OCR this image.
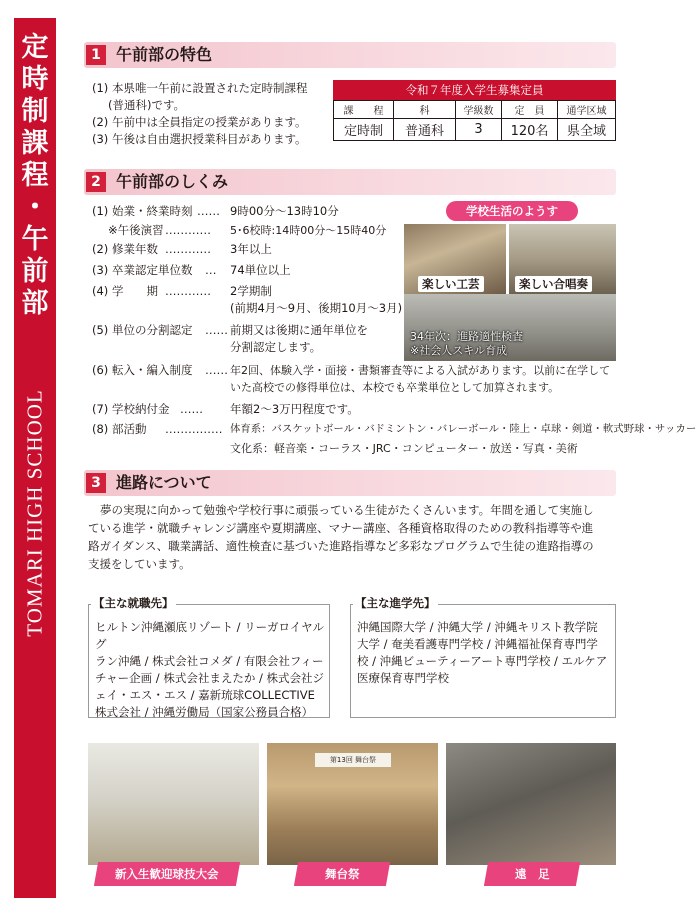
定
時
制
課
程
・
午
前
部
TOMARI HIGH SCHOOL
1 午前部の特色
(1) 本県唯一午前に設置された定時制課程
(普通科)です。
(2) 午前中は全員指定の授業があります。
(3) 午後は自由選択授業科目があります。
令和７年度入学生募集定員
課　　程	科	学級数	定　員	通学区域
定時制	普通科	3	120名	県全域
2 午前部のしくみ
(1) 始業・終業時刻 …… 9時00分～13時10分
※午後演習 ………… 5･6校時:14時00分～15時40分
(2) 修業年数 ………… 3年以上
(3) 卒業認定単位数 … 74単位以上
(4) 学　　期 ………… 2学期制
(前期4月～9月、後期10月～3月)
(5) 単位の分割認定 …… 前期又は後期に通年単位を
分割認定します。
(6) 転入・編入制度 …… 年2回、体験入学・面接・書類審査等による入試があります。以前に在学して
いた高校での修得単位は、本校でも卒業単位として加算されます。
(7) 学校納付金 …… 年額2～3万円程度です。
(8) 部活動 …………… 体育系：バスケットボール・バドミントン・バレーボール・陸上・卓球・剣道・軟式野球・サッカー
文化系：軽音楽・コーラス・JRC・コンピューター・放送・写真・美術
学校生活のようす
楽しい工芸	楽しい合唱奏
34年次：進路適性検査
※社会人スキル育成
3 進路について
夢の実現に向かって勉強や学校行事に頑張っている生徒がたくさんいます。年間を通して実施し
ている進学・就職チャレンジ講座や夏期講座、マナー講座、各種資格取得のための教科指導等や進
路ガイダンス、職業講話、適性検査に基づいた進路指導など多彩なプログラムで生徒の進路指導の
支援をしています。
【主な就職先】
ヒルトン沖縄瀬底リゾート / リーガロイヤルグ
ラン沖縄 / 株式会社コメダ / 有限会社フィー
チャー企画 / 株式会社まえたか / 株式会社ジ
ェイ・エス・エス / 嘉新琉球COLLECTIVE
株式会社 / 沖縄労働局（国家公務員合格）
【主な進学先】
沖縄国際大学 / 沖縄大学 / 沖縄キリスト教学院
大学 / 奄美看護専門学校 / 沖縄福祉保育専門学
校 / 沖縄ビューティーアート専門学校 / エルケア
医療保育専門学校
第13回 舞台祭
新入生歓迎球技大会	舞台祭	遠　足
